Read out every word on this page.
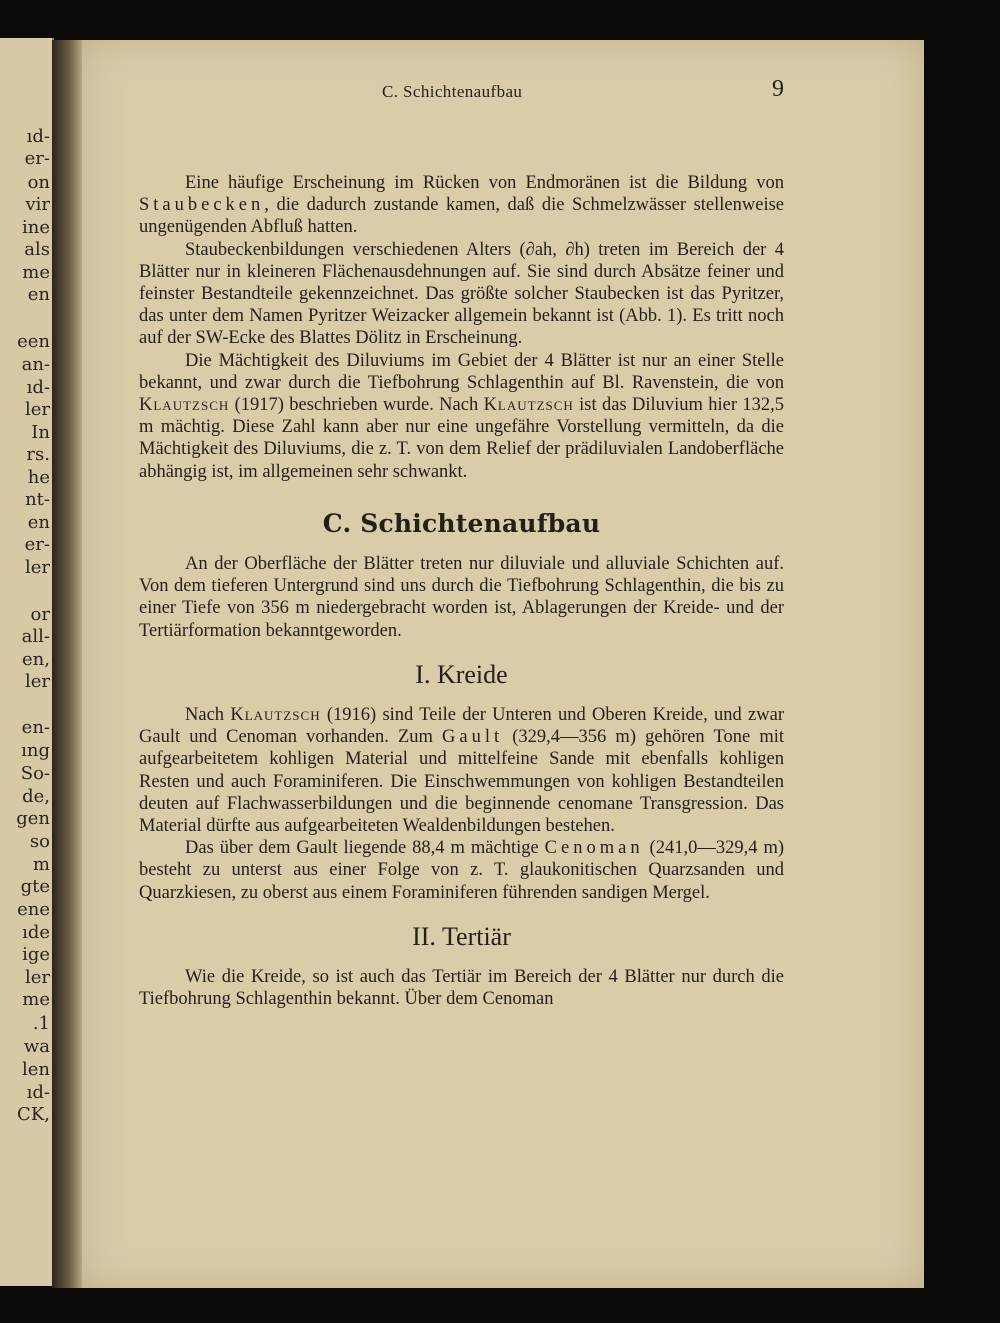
ıd-
er-
on
vir
ine
als
me
en
een
an-
ıd-
ler
In
rs.
he
nt-
en
er-
ler
or
all-
en,
ler
en-
ıng
So-
de,
gen
so
m
gte
ene
ıde
ige
ler
me
.1
wa
len
ıd-
CK,
C. Schichtenaufbau	9

Eine häufige Erscheinung im Rücken von Endmoränen ist die Bildung von Staubecken, die dadurch zustande kamen, daß die Schmelzwässer stellenweise ungenügenden Abfluß hatten.

Staubeckenbildungen verschiedenen Alters (∂ah, ∂h) treten im Bereich der 4 Blätter nur in kleineren Flächenausdehnungen auf. Sie sind durch Absätze feiner und feinster Bestandteile gekennzeichnet. Das größte solcher Staubecken ist das Pyritzer, das unter dem Namen Pyritzer Weizacker allgemein bekannt ist (Abb. 1). Es tritt noch auf der SW-Ecke des Blattes Dölitz in Erscheinung.

Die Mächtigkeit des Diluviums im Gebiet der 4 Blätter ist nur an einer Stelle bekannt, und zwar durch die Tiefbohrung Schlagenthin auf Bl. Ravenstein, die von Klautzsch (1917) beschrieben wurde. Nach Klautzsch ist das Diluvium hier 132,5 m mächtig. Diese Zahl kann aber nur eine ungefähre Vorstellung vermitteln, da die Mächtigkeit des Diluviums, die z. T. von dem Relief der prädiluvialen Landoberfläche abhängig ist, im allgemeinen sehr schwankt.

C. Schichtenaufbau

An der Oberfläche der Blätter treten nur diluviale und alluviale Schichten auf. Von dem tieferen Untergrund sind uns durch die Tiefbohrung Schlagenthin, die bis zu einer Tiefe von 356 m niedergebracht worden ist, Ablagerungen der Kreide- und der Tertiärformation bekanntgeworden.

I. Kreide

Nach Klautzsch (1916) sind Teile der Unteren und Oberen Kreide, und zwar Gault und Cenoman vorhanden. Zum Gault (329,4—356 m) gehören Tone mit aufgearbeitetem kohligen Material und mittelfeine Sande mit ebenfalls kohligen Resten und auch Foraminiferen. Die Einschwemmungen von kohligen Bestandteilen deuten auf Flachwasserbildungen und die beginnende cenomane Transgression. Das Material dürfte aus aufgearbeiteten Wealdenbildungen bestehen.

Das über dem Gault liegende 88,4 m mächtige Cenoman (241,0—329,4 m) besteht zu unterst aus einer Folge von z. T. glaukonitischen Quarzsanden und Quarzkiesen, zu oberst aus einem Foraminiferen führenden sandigen Mergel.

II. Tertiär

Wie die Kreide, so ist auch das Tertiär im Bereich der 4 Blätter nur durch die Tiefbohrung Schlagenthin bekannt. Über dem Cenoman
